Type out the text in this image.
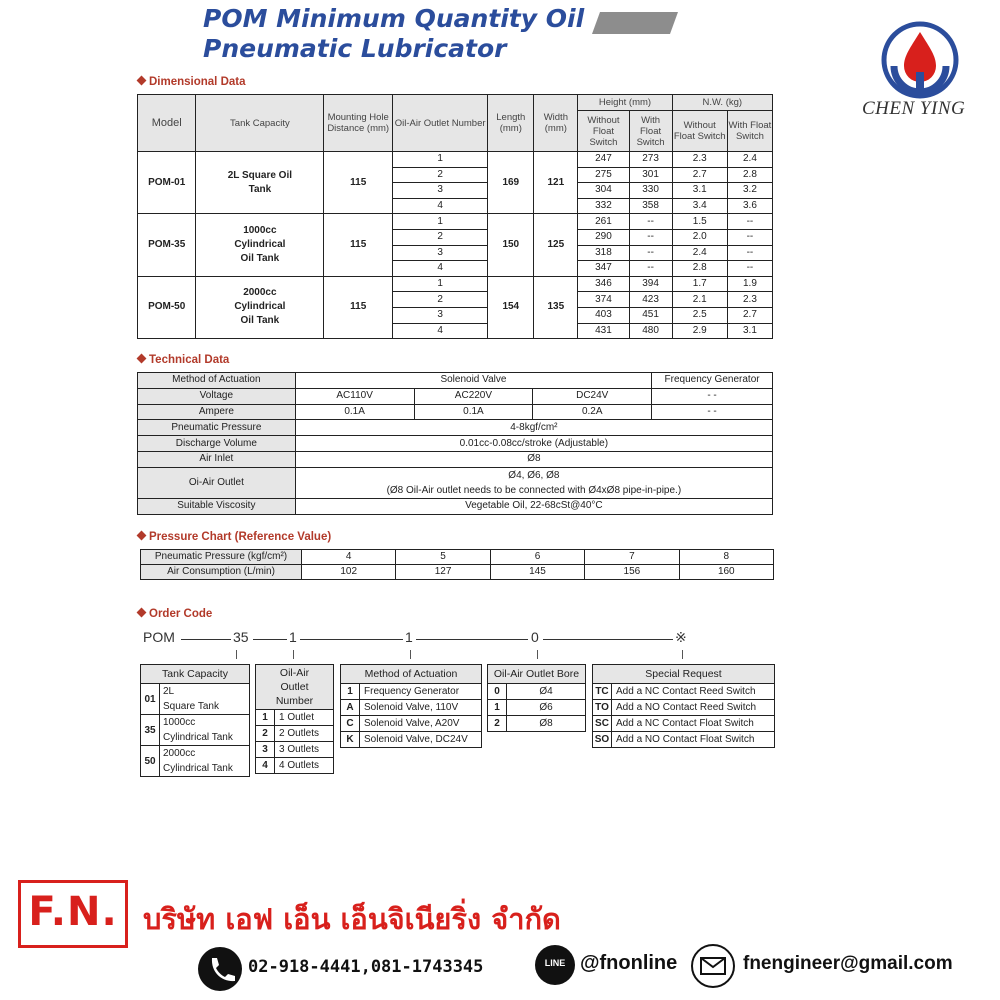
POM Minimum Quantity Oil
Pneumatic Lubricator
CHEN YING
Dimensional Data
Model	Tank Capacity	Mounting Hole Distance (mm)	Oil-Air Outlet Number	Length (mm)	Width (mm)	Height (mm)		N.W. (kg)	
						Without Float Switch	With Float Switch	Without Float Switch	With Float Switch
POM-01	2L Square Oil Tank	115	1	169	121	247	273	2.3	2.4
			2			275	301	2.7	2.8
			3			304	330	3.1	3.2
			4			332	358	3.4	3.6
POM-35	1000cc Cylindrical Oil Tank	115	1	150	125	261	--	1.5	--
			2			290	--	2.0	--
			3			318	--	2.4	--
			4			347	--	2.8	--
POM-50	2000cc Cylindrical Oil Tank	115	1	154	135	346	394	1.7	1.9
			2			374	423	2.1	2.3
			3			403	451	2.5	2.7
			4			431	480	2.9	3.1
Technical Data
Method of Actuation	Solenoid Valve			Frequency Generator
Voltage	AC110V	AC220V	DC24V	- -
Ampere	0.1A	0.1A	0.2A	- -
Pneumatic Pressure	4-8kgf/cm²			
Discharge Volume	0.01cc-0.08cc/stroke (Adjustable)			
Air Inlet	Ø8			
Oi-Air Outlet	Ø4, Ø6, Ø8
(Ø8 Oil-Air outlet needs to be connected with Ø4xØ8 pipe-in-pipe.)			

Suitable Viscosity	Vegetable Oil, 22-68cSt@40°C			
Pressure Chart (Reference Value)
Pneumatic Pressure (kgf/cm²)	4	5	6	7	8
Air Consumption (L/min)	102	127	145	156	160
Order Code
POM	35	1	1	0	※
Tank Capacity	
01	2L
Square Tank

35	1000cc
Cylindrical Tank

50	2000cc
Cylindrical Tank
Oil-Air
Outlet
Number	

1	1 Outlet
2	2 Outlets
3	3 Outlets
4	4 Outlets
Method of Actuation	
1	Frequency Generator
A	Solenoid Valve, 110V
C	Solenoid Valve, A20V
K	Solenoid Valve, DC24V
Oil-Air Outlet Bore	
0	Ø4
1	Ø6
2	Ø8
Special Request	
TC	Add a NC Contact Reed Switch
TO	Add a NO Contact Reed Switch
SC	Add a NC Contact Float Switch
SO	Add a NO Contact Float Switch
F.N. บริษัท เอฟ เอ็น เอ็นจิเนียริ่ง จำกัด
02-918-4441,081-1743345	LINE @fnonline	fnengineer@gmail.com
